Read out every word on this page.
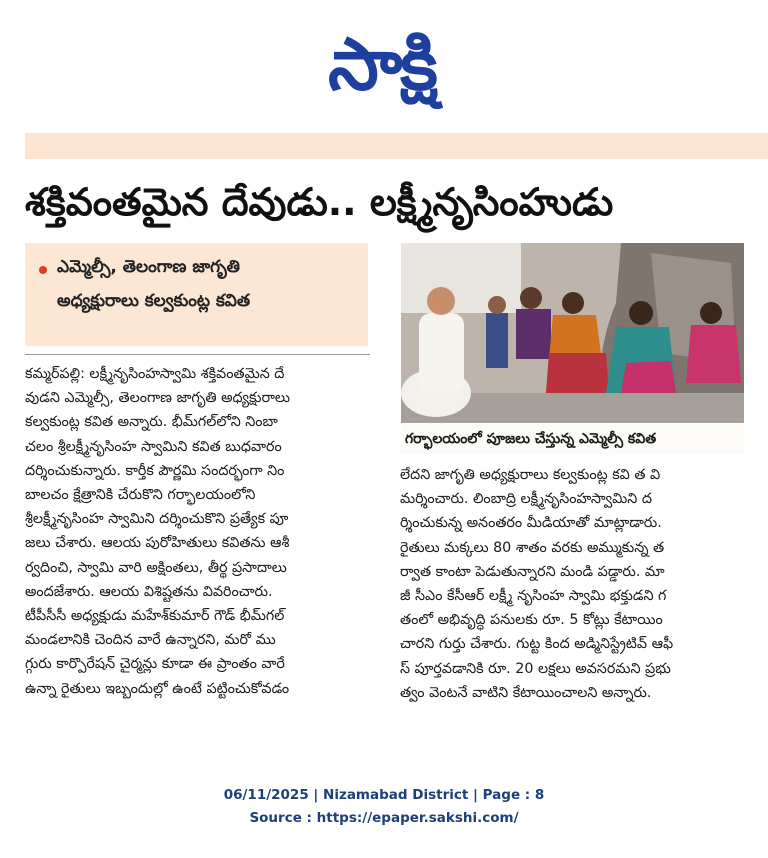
సాక్షి
శక్తివంతమైన దేవుడు.. లక్ష్మీనృసింహుడు
ఎమ్మెల్సీ, తెలంగాణ జాగృతి
అధ్యక్షురాలు కల్వకుంట్ల కవిత

కమ్మర్‌పల్లి: లక్ష్మీనృసింహస్వామి శక్తివంతమైన దే

వుడని ఎమ్మెల్సీ, తెలంగాణ జాగృతి అధ్యక్షురాలు

కల్వకుంట్ల కవిత అన్నారు. భీమ్‌గల్‌లోని నింబా

చలం శ్రీలక్ష్మీనృసింహ స్వామిని కవిత బుధవారం

దర్శించుకున్నారు. కార్తీక పౌర్ణమి సందర్భంగా నిం

బాలచం క్షేత్రానికి చేరుకొని గర్భాలయంలోని

శ్రీలక్ష్మీనృసింహ స్వామిని దర్శించుకొని ప్రత్యేక పూ

జలు చేశారు. ఆలయ పురోహితులు కవితను ఆశీ

ర్వదించి, స్వామి వారి అక్షింతలు, తీర్థ ప్రసాదాలు

అందజేశారు. ఆలయ విశిష్టతను వివరించారు.

టీపీసీసీ అధ్యక్షుడు మహేశ్‌కుమార్ గౌడ్ భీమ్‌గల్

మండలానికి చెందిన వారే ఉన్నారని, మరో ము

గ్గురు కార్పొరేషన్ చైర్మన్లు కూడా ఈ ప్రాంతం వారే

ఉన్నా రైతులు ఇబ్బందుల్లో ఉంటే పట్టించుకోవడం

గర్భాలయంలో పూజలు చేస్తున్న ఎమ్మెల్సీ కవిత

లేదని జాగృతి అధ్యక్షురాలు కల్వకుంట్ల కవి త వి

మర్శించారు. లింబాద్రి లక్ష్మీనృసింహస్వామిని ద

ర్శించుకున్న అనంతరం మీడియాతో మాట్లాడారు.

రైతులు మక్కలు 80 శాతం వరకు అమ్ముకున్న త

ర్వాత కాంటా పెడుతున్నారని మండి పడ్డారు. మా

జీ సీఎం కేసీఆర్ లక్ష్మీ నృసింహ స్వామి భక్తుడని గ

తంలో అభివృద్ధి పనులకు రూ. 5 కోట్లు కేటాయిం

చారని గుర్తు చేశారు. గుట్ట కింద అడ్మినిస్ట్రేటివ్ ఆఫీ

స్ పూర్తవడానికి రూ. 20 లక్షలు అవసరమని ప్రభు

త్వం వెంటనే వాటిని కేటాయించాలని అన్నారు.

06/11/2025 | Nizamabad District | Page : 8
Source : https://epaper.sakshi.com/
